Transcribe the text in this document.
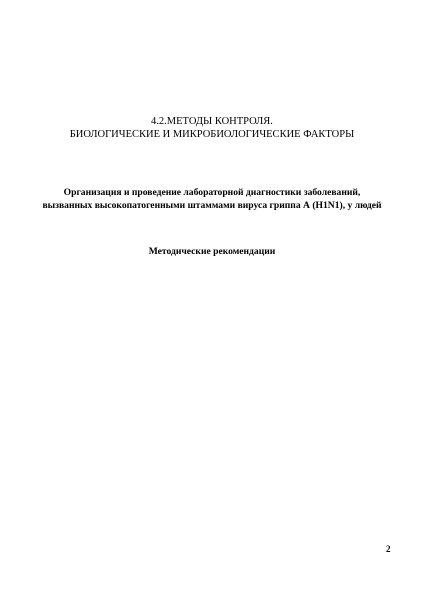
4.2.МЕТОДЫ КОНТРОЛЯ.
БИОЛОГИЧЕСКИЕ И МИКРОБИОЛОГИЧЕСКИЕ ФАКТОРЫ
Организация и проведение лабораторной диагностики заболеваний,
вызванных высокопатогенными штаммами вируса гриппа А (H1N1), у людей
Методические рекомендации
2
